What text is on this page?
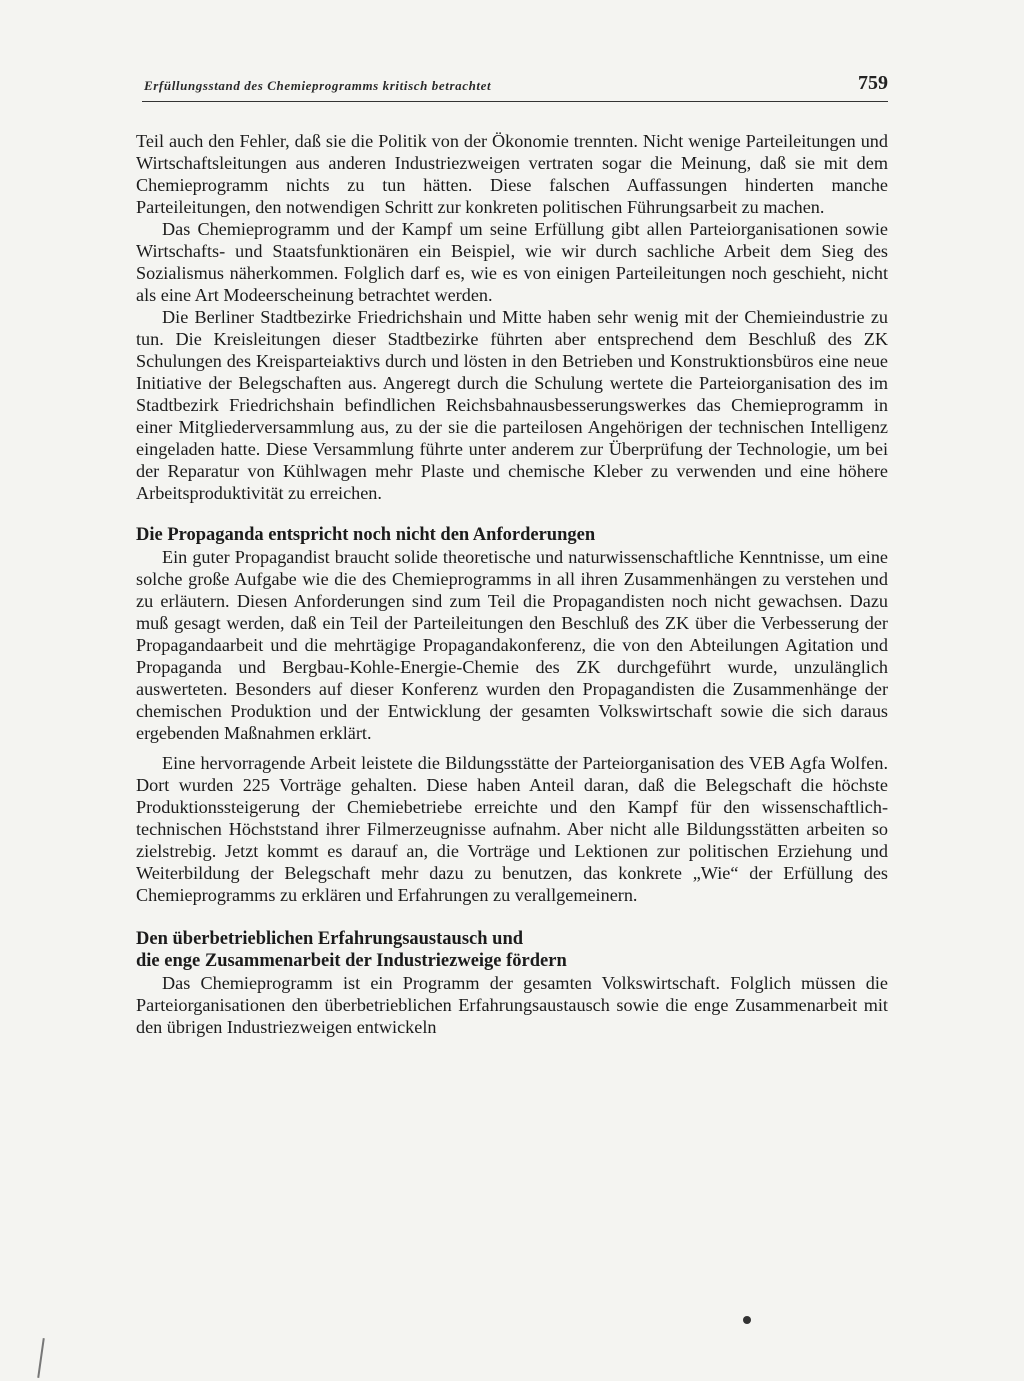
Erfüllungsstand des Chemieprogramms kritisch betrachtet	759

Teil auch den Fehler, daß sie die Politik von der Ökonomie trennten. Nicht wenige Parteileitungen und Wirtschaftsleitungen aus anderen Industriezweigen vertraten sogar die Meinung, daß sie mit dem Chemieprogramm nichts zu tun hätten. Diese falschen Auffassungen hinderten manche Parteileitungen, den notwendigen Schritt zur konkreten politischen Führungsarbeit zu machen.

Das Chemieprogramm und der Kampf um seine Erfüllung gibt allen Parteiorganisationen sowie Wirtschafts- und Staatsfunktionären ein Beispiel, wie wir durch sachliche Arbeit dem Sieg des Sozialismus näherkommen. Folglich darf es, wie es von einigen Parteileitungen noch geschieht, nicht als eine Art Modeerscheinung betrachtet werden.

Die Berliner Stadtbezirke Friedrichshain und Mitte haben sehr wenig mit der Chemieindustrie zu tun. Die Kreisleitungen dieser Stadtbezirke führten aber entsprechend dem Beschluß des ZK Schulungen des Kreisparteiaktivs durch und lösten in den Betrieben und Konstruktionsbüros eine neue Initiative der Belegschaften aus. Angeregt durch die Schulung wertete die Parteiorganisation des im Stadtbezirk Friedrichshain befindlichen Reichsbahnausbesserungswerkes das Chemieprogramm in einer Mitgliederversammlung aus, zu der sie die parteilosen Angehörigen der technischen Intelligenz eingeladen hatte. Diese Versammlung führte unter anderem zur Überprüfung der Technologie, um bei der Reparatur von Kühlwagen mehr Plaste und chemische Kleber zu verwenden und eine höhere Arbeitsproduktivität zu erreichen.

Die Propaganda entspricht noch nicht den Anforderungen

Ein guter Propagandist braucht solide theoretische und naturwissenschaftliche Kenntnisse, um eine solche große Aufgabe wie die des Chemieprogramms in all ihren Zusammenhängen zu verstehen und zu erläutern. Diesen Anforderungen sind zum Teil die Propagandisten noch nicht gewachsen. Dazu muß gesagt werden, daß ein Teil der Parteileitungen den Beschluß des ZK über die Verbesserung der Propagandaarbeit und die mehrtägige Propagandakonferenz, die von den Abteilungen Agitation und Propaganda und Bergbau-Kohle-Energie-Chemie des ZK durchgeführt wurde, unzulänglich auswerteten. Besonders auf dieser Konferenz wurden den Propagandisten die Zusammenhänge der chemischen Produktion und der Entwicklung der gesamten Volkswirtschaft sowie die sich daraus ergebenden Maßnahmen erklärt.

Eine hervorragende Arbeit leistete die Bildungsstätte der Parteiorganisation des VEB Agfa Wolfen. Dort wurden 225 Vorträge gehalten. Diese haben Anteil daran, daß die Belegschaft die höchste Produktionssteigerung der Chemiebetriebe erreichte und den Kampf für den wissenschaftlich-technischen Höchststand ihrer Filmerzeugnisse aufnahm. Aber nicht alle Bildungsstätten arbeiten so zielstrebig. Jetzt kommt es darauf an, die Vorträge und Lektionen zur politischen Erziehung und Weiterbildung der Belegschaft mehr dazu zu benutzen, das konkrete „Wie“ der Erfüllung des Chemieprogramms zu erklären und Erfahrungen zu verallgemeinern.

Den überbetrieblichen Erfahrungsaustausch und
die enge Zusammenarbeit der Industriezweige fördern

Das Chemieprogramm ist ein Programm der gesamten Volkswirtschaft. Folglich müssen die Parteiorganisationen den überbetrieblichen Erfahrungsaustausch sowie die enge Zusammenarbeit mit den übrigen Industriezweigen entwickeln
